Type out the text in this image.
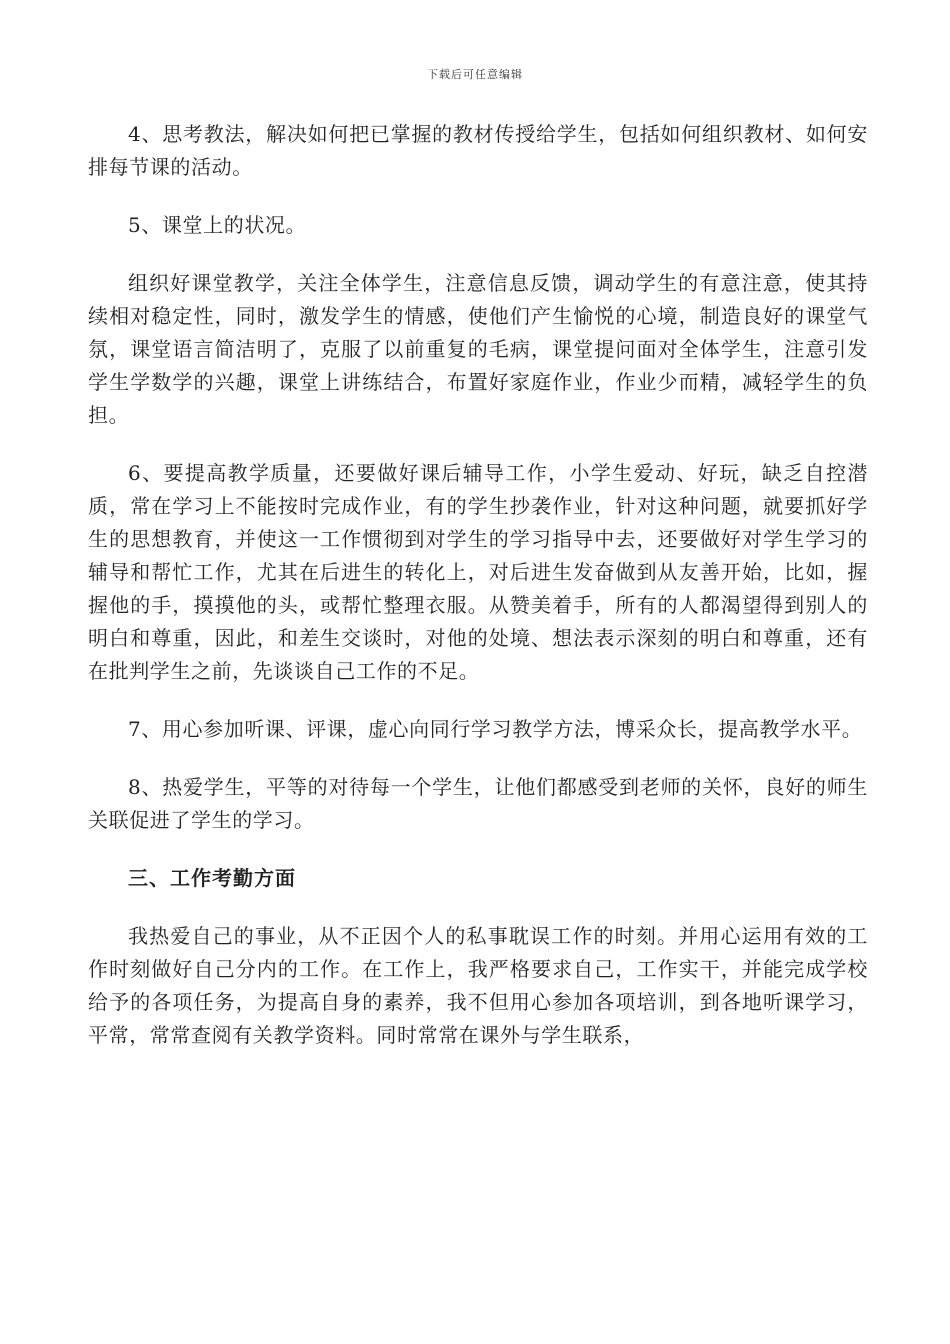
下载后可任意编辑

4、思考教法，解决如何把已掌握的教材传授给学生，包括如何组织教材、如何安排每节课的活动。

5、课堂上的状况。

组织好课堂教学，关注全体学生，注意信息反馈，调动学生的有意注意，使其持续相对稳定性，同时，激发学生的情感，使他们产生愉悦的心境，制造良好的课堂气氛，课堂语言简洁明了，克服了以前重复的毛病，课堂提问面对全体学生，注意引发学生学数学的兴趣，课堂上讲练结合，布置好家庭作业，作业少而精，减轻学生的负担。

6、要提高教学质量，还要做好课后辅导工作，小学生爱动、好玩，缺乏自控潜质，常在学习上不能按时完成作业，有的学生抄袭作业，针对这种问题，就要抓好学生的思想教育，并使这一工作惯彻到对学生的学习指导中去，还要做好对学生学习的辅导和帮忙工作，尤其在后进生的转化上，对后进生发奋做到从友善开始，比如，握握他的手，摸摸他的头，或帮忙整理衣服。从赞美着手，所有的人都渴望得到别人的明白和尊重，因此，和差生交谈时，对他的处境、想法表示深刻的明白和尊重，还有在批判学生之前，先谈谈自己工作的不足。

7、用心参加听课、评课，虚心向同行学习教学方法，博采众长，提高教学水平。

8、热爱学生，平等的对待每一个学生，让他们都感受到老师的关怀，良好的师生关联促进了学生的学习。

三、工作考勤方面

我热爱自己的事业，从不正因个人的私事耽误工作的时刻。并用心运用有效的工作时刻做好自己分内的工作。在工作上，我严格要求自己，工作实干，并能完成学校给予的各项任务，为提高自身的素养，我不但用心参加各项培训，到各地听课学习，平常，常常查阅有关教学资料。同时常常在课外与学生联系，
